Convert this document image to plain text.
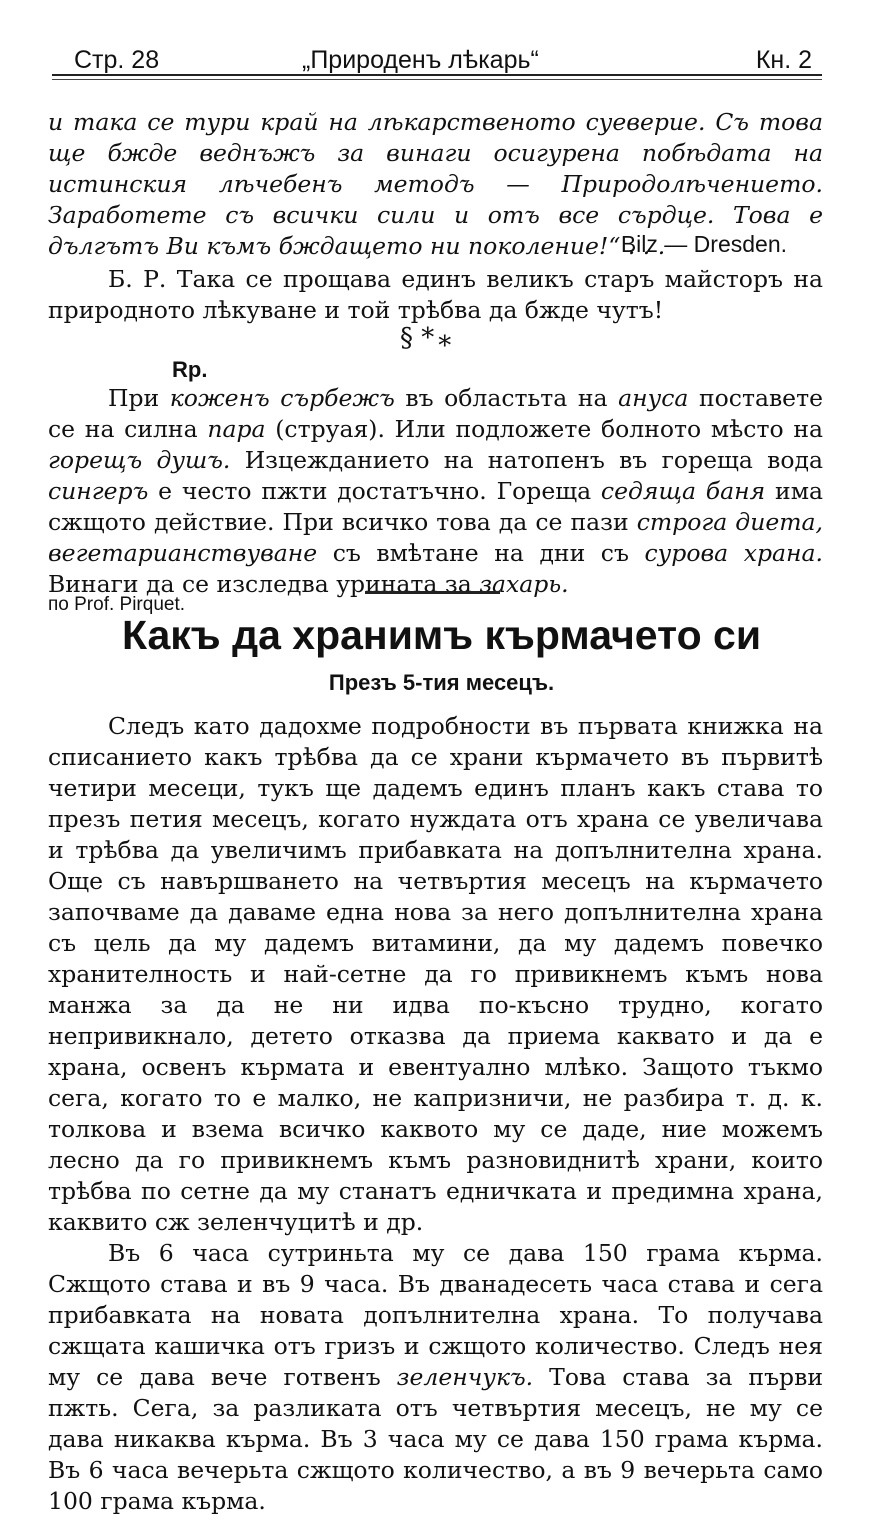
Стр. 28	„Природенъ лѣкарь“	Кн. 2

и така се тури край на лѣкарственото суеверие. Съ това ще бжде веднъжъ за винаги осигурена побѣдата на истинския лѣчебенъ методъ — Природолѣчението. Заработете съ всички сили и отъ все сърдце. Това е дългътъ Ви къмъ бждащето ни поколение!“ . . .

Bilz — Dresden.

Б. Р. Така се прощава единъ великъ старъ майсторъ на природното лѣкуване и той трѣбва да бжде чутъ!

§ * *
Rp.

При коженъ сърбежъ въ областьта на ануса поставете се на силна пара (струая). Или подложете болното мѣсто на горещъ душъ. Изцежданието на натопенъ въ гореща вода сингеръ е често пжти достатъчно. Гореща седяща баня има сжщото действие. При всичко това да се пази строга диета, вегетарианствуване съ вмѣтане на дни съ сурова храна. Винаги да се изследва урината за захарь.

по Prof. Pirquet.
Какъ да хранимъ кърмачето си
Презъ 5-тия месецъ.

Следъ като дадохме подробности въ първата книжка на списанието какъ трѣбва да се храни кърмачето въ първитѣ четири месеци, тукъ ще дадемъ единъ планъ какъ става то презъ петия месецъ, когато нуждата отъ храна се увеличава и трѣбва да увеличимъ прибавката на допълнителна храна. Още съ навършването на четвъртия месецъ на кърмачето започваме да даваме една нова за него допълнителна храна съ цель да му дадемъ витамини, да му дадемъ повечко хранителность и най-сетне да го привикнемъ къмъ нова манжа за да не ни идва по-късно трудно, когато непривикнало, детето отказва да приема каквато и да е храна, освенъ кърмата и евентуално млѣко. Защото тъкмо сега, когато то е малко, не капризничи, не разбира т. д. к. толкова и взема всичко каквото му се даде, ние можемъ лесно да го привикнемъ къмъ разновиднитѣ храни, които трѣбва по сетне да му станатъ едничката и предимна храна, каквито сж зеленчуцитѣ и др.

Въ 6 часа сутриньта му се дава 150 грама кърма. Сжщото става и въ 9 часа. Въ дванадесеть часа става и сега прибавката на новата допълнителна храна. То получава сжщата кашичка отъ гризъ и сжщото количество. Следъ нея му се дава вече готвенъ зеленчукъ. Това става за първи пжть. Сега, за разликата отъ четвъртия месецъ, не му се дава никаква кърма. Въ 3 часа му се дава 150 грама кърма. Въ 6 часа вечерьта сжщото количество, а въ 9 вечерьта само 100 грама кърма.
